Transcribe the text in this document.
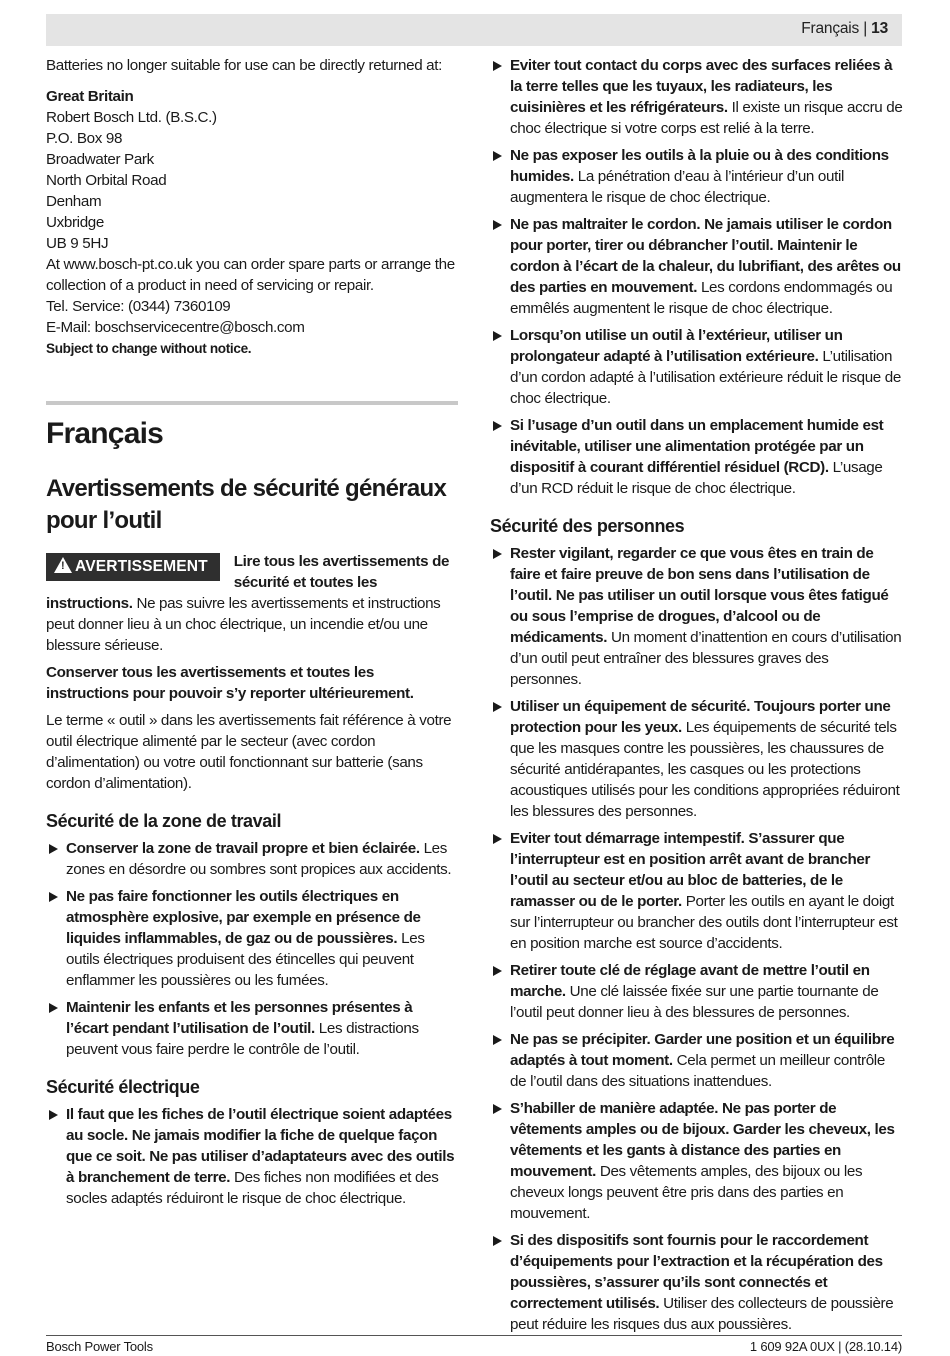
Français | 13

Batteries no longer suitable for use can be directly returned at:

Great Britain

Robert Bosch Ltd. (B.S.C.)

P.O. Box 98

Broadwater Park

North Orbital Road

Denham

Uxbridge

UB 9 5HJ

At www.bosch-pt.co.uk you can order spare parts or arrange the collection of a product in need of servicing or repair.

Tel. Service: (0344) 7360109

E-Mail: boschservicecentre@bosch.com

Subject to change without notice.

Français
Avertissements de sécurité généraux pour l’outil
! AVERTISSEMENT	Lire tous les avertissements de sécurité et toutes les instructions. Ne pas suivre les avertissements et instructions peut donner lieu à un choc électrique, un incendie et/ou une blessure sérieuse.

Conserver tous les avertissements et toutes les instructions pour pouvoir s’y reporter ultérieurement.

Le terme « outil » dans les avertissements fait référence à votre outil électrique alimenté par le secteur (avec cordon d’alimentation) ou votre outil fonctionnant sur batterie (sans cordon d’alimentation).

Sécurité de la zone de travail
Conserver la zone de travail propre et bien éclairée. Les zones en désordre ou sombres sont propices aux accidents.
Ne pas faire fonctionner les outils électriques en atmosphère explosive, par exemple en présence de liquides inflammables, de gaz ou de poussières. Les outils électriques produisent des étincelles qui peuvent enflammer les poussières ou les fumées.
Maintenir les enfants et les personnes présentes à l’écart pendant l’utilisation de l’outil. Les distractions peuvent vous faire perdre le contrôle de l’outil.
Sécurité électrique
Il faut que les fiches de l’outil électrique soient adaptées au socle. Ne jamais modifier la fiche de quelque façon que ce soit. Ne pas utiliser d’adaptateurs avec des outils à branchement de terre. Des fiches non modifiées et des socles adaptés réduiront le risque de choc électrique.
Eviter tout contact du corps avec des surfaces reliées à la terre telles que les tuyaux, les radiateurs, les cuisinières et les réfrigérateurs. Il existe un risque accru de choc électrique si votre corps est relié à la terre.
Ne pas exposer les outils à la pluie ou à des conditions humides. La pénétration d’eau à l’intérieur d’un outil augmentera le risque de choc électrique.
Ne pas maltraiter le cordon. Ne jamais utiliser le cordon pour porter, tirer ou débrancher l’outil. Maintenir le cordon à l’écart de la chaleur, du lubrifiant, des arêtes ou des parties en mouvement. Les cordons endommagés ou emmêlés augmentent le risque de choc électrique.
Lorsqu’on utilise un outil à l’extérieur, utiliser un prolongateur adapté à l’utilisation extérieure. L’utilisation d’un cordon adapté à l’utilisation extérieure réduit le risque de choc électrique.
Si l’usage d’un outil dans un emplacement humide est inévitable, utiliser une alimentation protégée par un dispositif à courant différentiel résiduel (RCD). L’usage d’un RCD réduit le risque de choc électrique.
Sécurité des personnes
Rester vigilant, regarder ce que vous êtes en train de faire et faire preuve de bon sens dans l’utilisation de l’outil. Ne pas utiliser un outil lorsque vous êtes fatigué ou sous l’emprise de drogues, d’alcool ou de médicaments. Un moment d’inattention en cours d’utilisation d’un outil peut entraîner des blessures graves des personnes.
Utiliser un équipement de sécurité. Toujours porter une protection pour les yeux. Les équipements de sécurité tels que les masques contre les poussières, les chaussures de sécurité antidérapantes, les casques ou les protections acoustiques utilisés pour les conditions appropriées réduiront les blessures des personnes.
Eviter tout démarrage intempestif. S’assurer que l’interrupteur est en position arrêt avant de brancher l’outil au secteur et/ou au bloc de batteries, de le ramasser ou de le porter. Porter les outils en ayant le doigt sur l’interrupteur ou brancher des outils dont l’interrupteur est en position marche est source d’accidents.
Retirer toute clé de réglage avant de mettre l’outil en marche. Une clé laissée fixée sur une partie tournante de l’outil peut donner lieu à des blessures de personnes.
Ne pas se précipiter. Garder une position et un équilibre adaptés à tout moment. Cela permet un meilleur contrôle de l’outil dans des situations inattendues.
S’habiller de manière adaptée. Ne pas porter de vêtements amples ou de bijoux. Garder les cheveux, les vêtements et les gants à distance des parties en mouvement. Des vêtements amples, des bijoux ou les cheveux longs peuvent être pris dans des parties en mouvement.
Si des dispositifs sont fournis pour le raccordement d’équipements pour l’extraction et la récupération des poussières, s’assurer qu’ils sont connectés et correctement utilisés. Utiliser des collecteurs de poussière peut réduire les risques dus aux poussières.
Bosch Power Tools	1 609 92A 0UX | (28.10.14)
